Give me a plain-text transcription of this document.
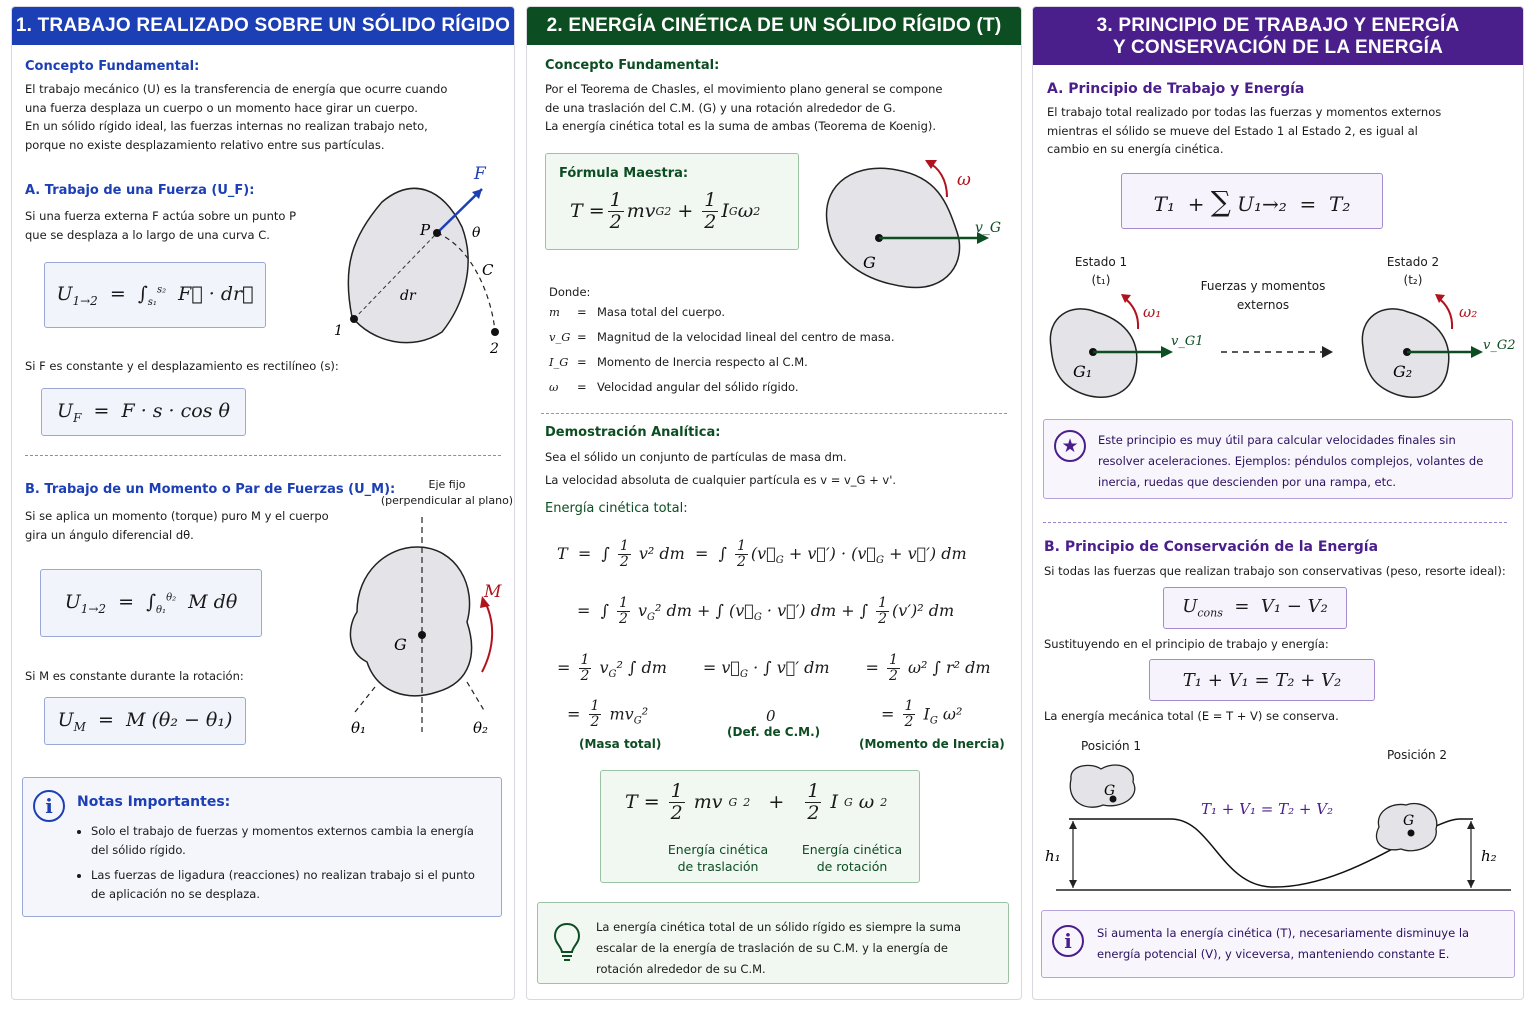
1. TRABAJO REALIZADO SOBRE UN SÓLIDO RÍGIDO
Concepto Fundamental:
El trabajo mecánico (U) es la transferencia de energía que ocurre cuando
una fuerza desplaza un cuerpo o un momento hace girar un cuerpo.
En un sólido rígido ideal, las fuerzas internas no realizan trabajo neto,
porque no existe desplazamiento relativo entre sus partículas.
A. Trabajo de una Fuerza (U_F):
Si una fuerza externa F actúa sobre un punto P
que se desplaza a lo largo de una curva C.
$U_{1\to 2} = \int_{s_1}^{s_2}$  F⃗ · dr⃗
F
P	θ
C
dr
1
2
Si F es constante y el desplazamiento es rectilíneo (s):
$U_F = F \cdot s \cdot \cos \theta$
B. Trabajo de un Momento o Par de Fuerzas (U_M):
Si se aplica un momento (torque) puro M y el cuerpo
gira un ángulo diferencial dθ.
$U_{1\to 2} = \int_{\theta_1}^{\theta_2}$  M dθ
Eje fijo
(perpendicular al plano)
G
M
θ₁	θ₂
Si M es constante durante la rotación:
$U_M = M$ (θ₂ − θ₁)
i	Notas Importantes:
• Solo el trabajo de fuerzas y momentos externos cambia la energía del sólido rígido.
• Las fuerzas de ligadura (reacciones) no realizan trabajo si el punto de aplicación no se desplaza.
2. ENERGÍA CINÉTICA DE UN SÓLIDO RÍGIDO (T)
Concepto Fundamental:
Por el Teorema de Chasles, el movimiento plano general se compone
de una traslación del C.M. (G) y una rotación alrededor de G.
La energía cinética total es la suma de ambas (Teorema de Koenig).
Fórmula Maestra:
$T = \frac{1}{2}$ mv G $2 + \frac{1}{2}$ I G ω 2
ω
v_G
G
Donde:
m	= Masa total del cuerpo.
v_G = Magnitud de la velocidad lineal del centro de masa.
I_G = Momento de Inercia respecto al C.M.
ω	= Velocidad angular del sólido rígido.
Demostración Analítica:
Sea el sólido un conjunto de partículas de masa dm.
La velocidad absoluta de cualquier partícula es v = v_G + v'.
Energía cinética total:
T  =  ∫ $\frac{1}{2} v^2$ dm  =  ∫ $\frac{1}{2}$ ($v⃗_G$ + v⃗′) · ($v⃗_G$ + v⃗′) dm
=  ∫ $\frac{1}{2} v_G^2$ dm + ∫ ($v⃗_G$ · v⃗′) dm + ∫ $\frac{1}{2} (v')^2$ dm
= $\frac{1}{2} v_G^2$ ∫ dm = $v⃗_G$ · ∫ v⃗′ dm = $\frac{1}{2} \omega^2$ ∫ r² dm
= $\frac{1}{2} mv_G^2$	0	= $\frac{1}{2} I_G$ ω²
(Masa total)
(Def. de C.M.)
(Momento de Inercia)
$T = \frac{1}{2}$ mv G $2 + \frac{1}{2}$ I G ω 2
Energía cinética
de traslación
Energía cinética
de rotación
La energía cinética total de un sólido rígido es siempre la suma escalar de la energía de traslación de su C.M. y la energía de rotación alrededor de su C.M.
3. PRINCIPIO DE TRABAJO Y ENERGÍA
Y CONSERVACIÓN DE LA ENERGÍA
A. Principio de Trabajo y Energía
El trabajo total realizado por todas las fuerzas y momentos externos
mientras el sólido se mueve del Estado 1 al Estado 2, es igual al
cambio en su energía cinética.
T₁  + ∑ U₁→₂  =  T₂
Estado 1
(t₁)
Estado 2
(t₂)
Fuerzas y momentos
externos
ω₁
v_G1
G₁
ω₂
v_G2
G₂
★	Este principio es muy útil para calcular velocidades finales sin resolver aceleraciones. Ejemplos: péndulos complejos, volantes de inercia, ruedas que descienden por una rampa, etc.
B. Principio de Conservación de la Energía
Si todas las fuerzas que realizan trabajo son conservativas (peso, resorte ideal):
$U_{cons} = V_1 - V_2$
Sustituyendo en el principio de trabajo y energía:
T₁ + V₁ = T₂ + V₂
La energía mecánica total (E = T + V) se conserva.
Posición 1
Posición 2
G
G
h₁	h₂
T₁ + V₁ = T₂ + V₂
i	Si aumenta la energía cinética (T), necesariamente disminuye la energía potencial (V), y viceversa, manteniendo constante E.
